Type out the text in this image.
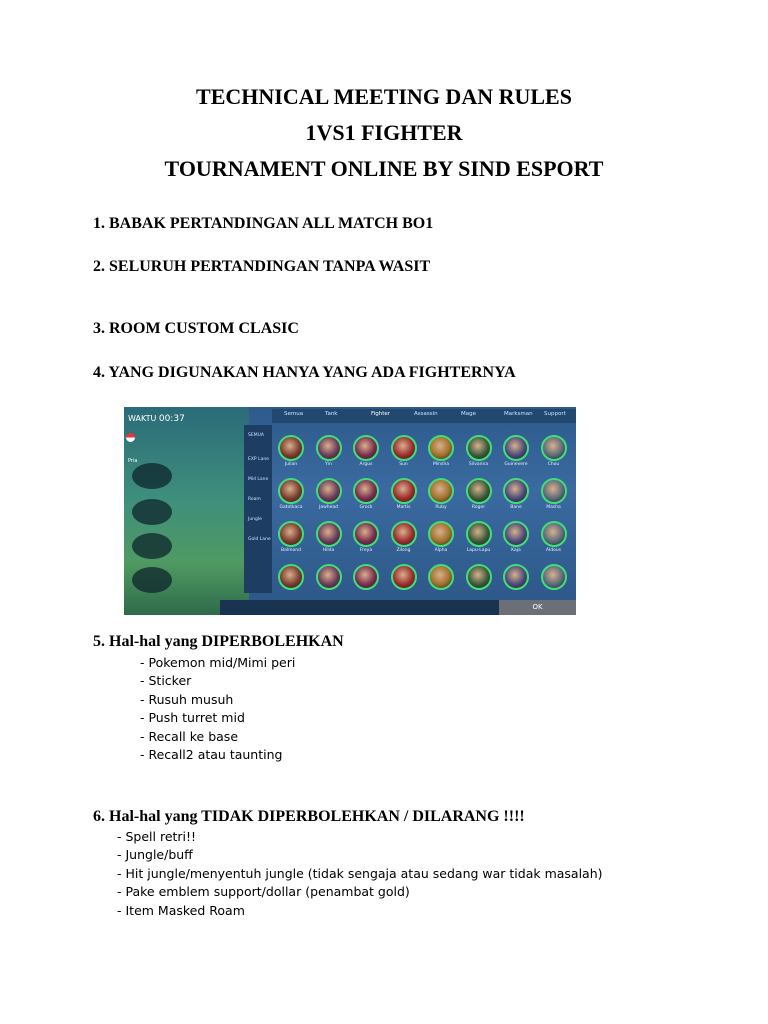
TECHNICAL MEETING DAN RULES
1VS1 FIGHTER
TOURNAMENT ONLINE BY SIND ESPORT
1. BABAK PERTANDINGAN ALL MATCH BO1
2. SELURUH PERTANDINGAN TANPA WASIT
3. ROOM CUSTOM CLASIC
4. YANG DIGUNAKAN HANYA YANG ADA FIGHTERNYA
WAKTU 00:37
Pria
Semua	Tank	Fighter	Assassin	Mage	Marksman Support
SEMUA
EXP Lane
Mid Lane
Roam
Jungle
Gold Lane
Julian	Yin	Argus	Sun	Minsha	Silvanna	Guinevere	Chou
Gatotkaca	Jawhead	Grock	Martis	Ruby	Roger	Bane	Masha
Balmond	Hilda	Freya	Zilong	Alpha	Lapu-Lapu	Kaja	Aldous
OK
5. Hal-hal yang DIPERBOLEHKAN
- Pokemon mid/Mimi peri
- Sticker
- Rusuh musuh
- Push turret mid
- Recall ke base
- Recall2 atau taunting
6. Hal-hal yang TIDAK DIPERBOLEHKAN / DILARANG !!!!
- Spell retri!!
- Jungle/buff
- Hit jungle/menyentuh jungle (tidak sengaja atau sedang war tidak masalah)
- Pake emblem support/dollar (penambat gold)
- Item Masked Roam
